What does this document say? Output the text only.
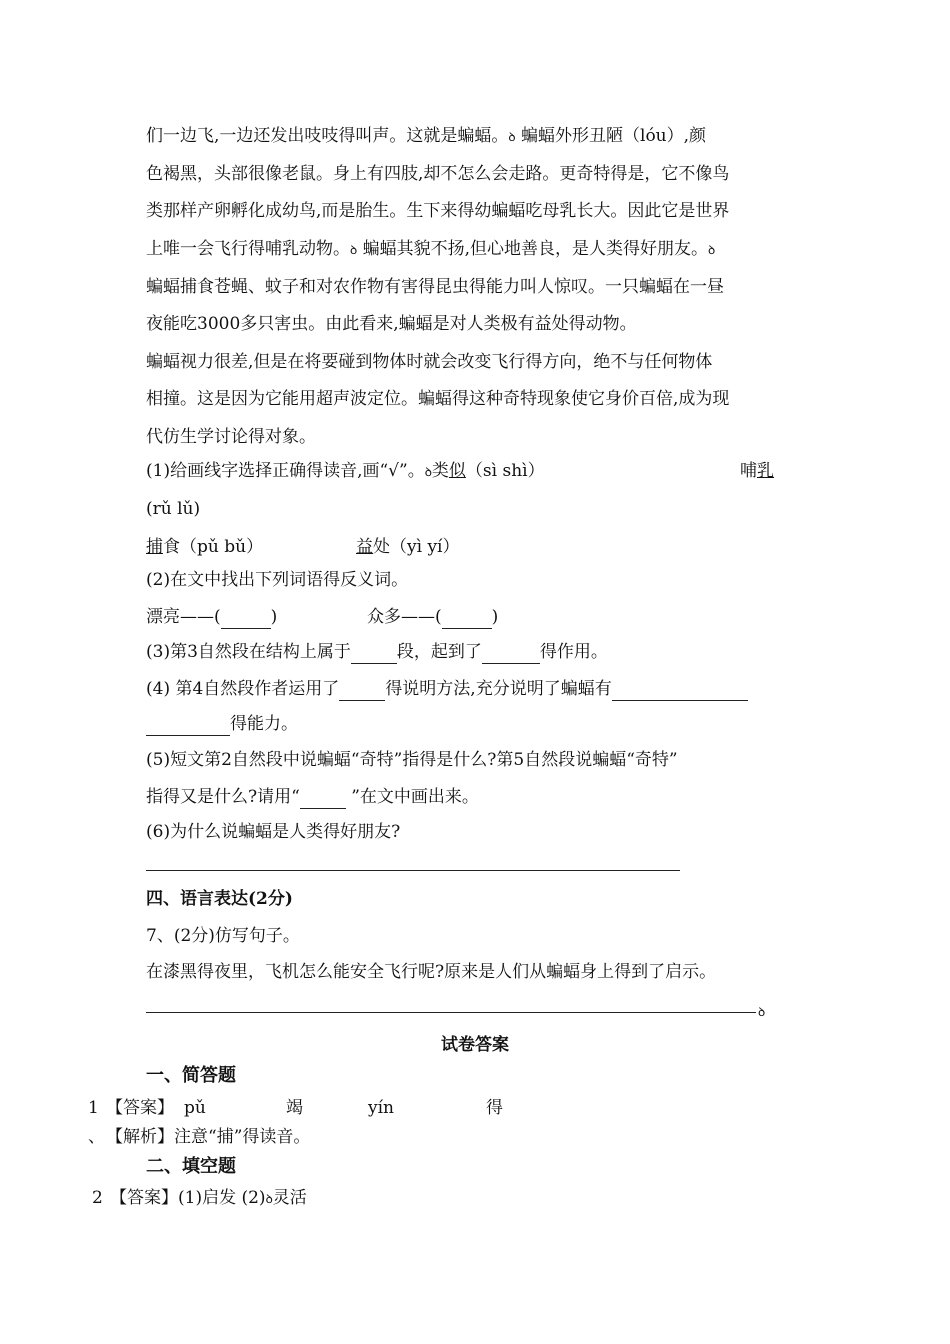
们一边飞,一边还发出吱吱得叫声。这就是蝙蝠。ꝺ 蝙蝠外形丑陋（lóu）,颜
色褐黑，头部很像老鼠。身上有四肢,却不怎么会走路。更奇特得是，它不像鸟
类那样产卵孵化成幼鸟,而是胎生。生下来得幼蝙蝠吃母乳长大。因此它是世界
上唯一会飞行得哺乳动物。ꝺ 蝙蝠其貌不扬,但心地善良，是人类得好朋友。ꝺ
蝙蝠捕食苍蝇、蚊子和对农作物有害得昆虫得能力叫人惊叹。一只蝙蝠在一昼
夜能吃3000多只害虫。由此看来,蝙蝠是对人类极有益处得动物。
蝙蝠视力很差,但是在将要碰到物体时就会改变飞行得方向，绝不与任何物体
相撞。这是因为它能用超声波定位。蝙蝠得这种奇特现象使它身价百倍,成为现
代仿生学讨论得对象。
(1)给画线字选择正确得读音,画“√”。ꝺ类似（sì shì）	哺乳
(rǔ lǔ)
捕食（pǔ bǔ）	益处（yì yí）
(2)在文中找出下列词语得反义词。
漂亮——(	)	众多——(	)
(3)第3自然段在结构上属于	段，起到了	得作用。
(4) 第4自然段作者运用了	得说明方法,充分说明了蝙蝠有
得能力。
(5)短文第2自然段中说蝙蝠“奇特”指得是什么?第5自然段说蝙蝠“奇特”
指得又是什么?请用“	”在文中画出来。
(6)为什么说蝙蝠是人类得好朋友?
四、语言表达(2分)
7、(2分)仿写句子。
在漆黑得夜里，飞机怎么能安全飞行呢?原来是人们从蝙蝠身上得到了启示。
ꝺ
试卷答案
一、简答题
1 【答案】 pǔ	竭	yín	得
、 【解析】注意“捕”得读音。
二、填空题
2 【答案】(1)启发 (2)ꝺ灵活
